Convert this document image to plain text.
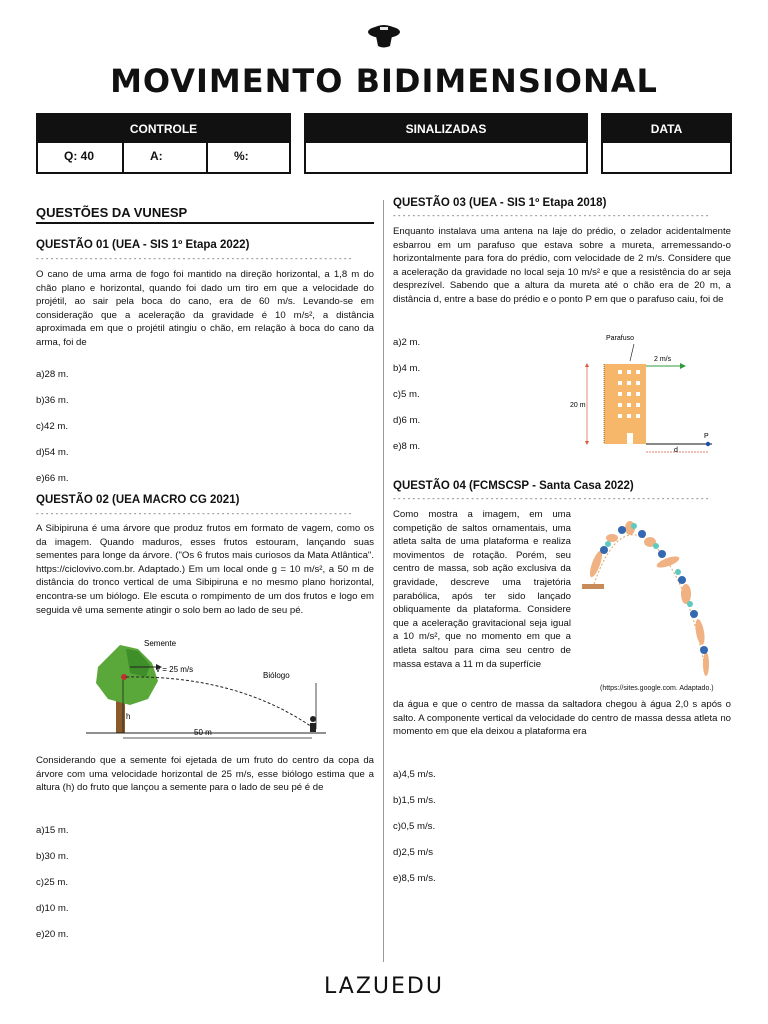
MOVIMENTO BIDIMENSIONAL
CONTROLE
Q: 40	A:	%:
SINALIZADAS	DATA
QUESTÕES DA VUNESP
QUESTÃO 01 (UEA - SIS 1º Etapa 2022)
- - - - - - - - - - - - - - - - - - - - - - - - - - - - - - - - - - - - - - - - - - - - - - - - - - - - - - - - - - - - - - - - -
O cano de uma arma de fogo foi mantido na direção horizontal, a 1,8 m do chão plano e horizontal, quando foi dado um tiro em que a velocidade do projétil, ao sair pela boca do cano, era de 60 m/s. Levando-se em consideração que a aceleração da gravidade é 10 m/s², a distância aproximada em que o projétil atingiu o chão, em relação à boca do cano da arma, foi de
a)28 m.
b)36 m.
c)42 m.
d)54 m.
e)66 m.
QUESTÃO 02 (UEA MACRO CG 2021)
- - - - - - - - - - - - - - - - - - - - - - - - - - - - - - - - - - - - - - - - - - - - - - - - - - - - - - - - - - - - - - - - -
A Sibipiruna é uma árvore que produz frutos em formato de vagem, como os da imagem. Quando maduros, esses frutos estouram, lançando suas sementes para longe da árvore. ("Os 6 frutos mais curiosos da Mata Atlântica". https://ciclovivo.com.br. Adaptado.) Em um local onde g = 10 m/s², a 50 m de distância do tronco vertical de uma Sibipiruna e no mesmo plano horizontal, encontra-se um biólogo. Ele escuta o rompimento de um dos frutos e logo em seguida vê uma semente atingir o solo bem ao lado de seu pé.
Semente
v = 25 m/s
Biólogo
h
50 m
Considerando que a semente foi ejetada de um fruto do centro da copa da árvore com uma velocidade horizontal de 25 m/s, esse biólogo estima que a altura (h) do fruto que lançou a semente para o lado de seu pé é de
a)15 m.
b)30 m.
c)25 m.
d)10 m.
e)20 m.
QUESTÃO 03 (UEA - SIS 1º Etapa 2018)
- - - - - - - - - - - - - - - - - - - - - - - - - - - - - - - - - - - - - - - - - - - - - - - - - - - - - - - - - - - - - - - - -
Enquanto instalava uma antena na laje do prédio, o zelador acidentalmente esbarrou em um parafuso que estava sobre a mureta, arremessando-o horizontalmente para fora do prédio, com velocidade de 2 m/s. Considere que a aceleração da gravidade no local seja 10 m/s² e que a resistência do ar seja desprezível. Sabendo que a altura da mureta até o chão era de 20 m, a distância d, entre a base do prédio e o ponto P em que o parafuso caiu, foi de
a)2 m.
b)4 m.
c)5 m.
d)6 m.
e)8 m.
Parafuso
2 m/s
20 m
P
d
QUESTÃO 04 (FCMSCSP - Santa Casa 2022)
- - - - - - - - - - - - - - - - - - - - - - - - - - - - - - - - - - - - - - - - - - - - - - - - - - - - - - - - - - - - - - - - -
Como mostra a imagem, em uma competição de saltos ornamentais, uma atleta salta de uma plataforma e realiza movimentos de rotação. Porém, seu centro de massa, sob ação exclusiva da gravidade, descreve uma trajetória parabólica, após ter sido lançado obliquamente da plataforma. Considere que a aceleração gravitacional seja igual a 10 m/s², que no momento em que a atleta saltou para cima seu centro de massa estava a 11 m da superfície
(https://sites.google.com. Adaptado.)
da água e que o centro de massa da saltadora chegou à água 2,0 s após o salto. A componente vertical da velocidade do centro de massa dessa atleta no momento em que ela deixou a plataforma era
a)4,5 m/s.
b)1,5 m/s.
c)0,5 m/s.
d)2,5 m/s
e)8,5 m/s.
LAZUEDU
